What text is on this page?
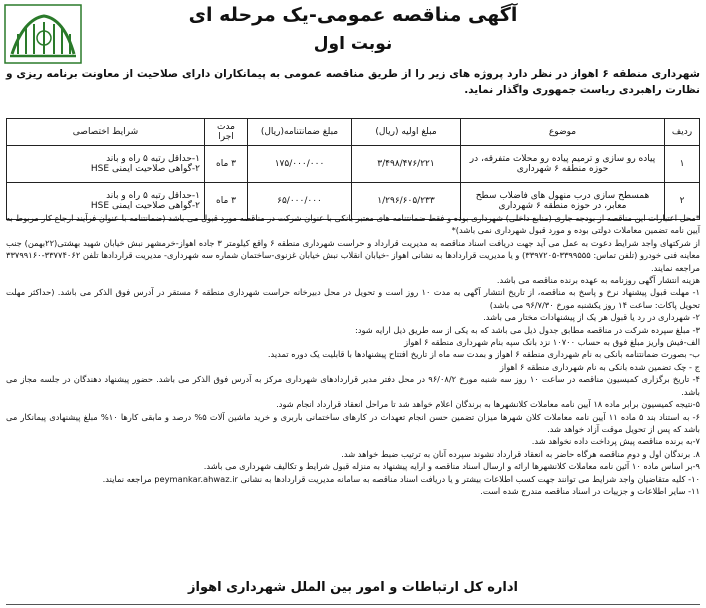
آگهی مناقصه عمومی-یک مرحله ای
نوبت اول
شهرداری منطقه ۶ اهواز در نظر دارد پروژه های زیر را از طریق مناقصه عمومی به پیمانکاران دارای صلاحیت از معاونت برنامه ریزی و نظارت راهبردی ریاست جمهوری واگذار نماید.
ردیف	موضوع	مبلغ اولیه (ریال)	مبلغ ضمانتنامه(ریال)	مدت اجرا	شرایط اختصاصی
۱	پیاده رو سازی و ترمیم پیاده رو محلات متفرقه، در حوزه منطقه ۶ شهرداری	۳/۴۹۸/۴۷۶/۲۲۱	۱۷۵/۰۰۰/۰۰۰	۳ ماه	۱-حداقل رتبه ۵ راه و باند
۲-گواهی صلاحیت ایمنی HSE

۲	همسطح سازی درب منهول های فاضلاب سطح معابر، در حوزه منطقه ۶ شهرداری	۱/۲۹۶/۶۰۵/۲۳۳	۶۵/۰۰۰/۰۰۰	۳ ماه	۱-حداقل رتبه ۵ راه و باند
۲-گواهی صلاحیت ایمنی HSE

*محل اعتبارات این مناقصه از بودجه جاری (منابع داخلی) شهرداری بوده و فقط ضمانتنامه های معتبر بانکی با عنوان شرکت در مناقصه مورد قبول می باشد (ضمانتنامه با عنوان فرآیند ارجاع کار مربوط به آیین نامه تضمین معاملات دولتی بوده و مورد قبول شهرداری نمی باشد)*

از شرکتهای واجد شرایط دعوت به عمل می آید جهت دریافت اسناد مناقصه به مدیریت قرارداد و حراست شهرداری منطقه ۶ واقع کیلومتر ۳ جاده اهواز-خرمشهر نبش خیابان شهید بهشتی(۲۲بهمن) جنب معاینه فنی خودرو (تلفن تماس: ۳۳۹۹۵۵۵-۳۳۹۷۲۰۵) و یا مدیریت قراردادها به نشانی اهواز -خیابان انقلاب نبش خیابان غزنوی-ساختمان شماره سه شهرداری- مدیریت قراردادها تلفن ۳۳۷۷۴۰۶۲-۳۳۷۹۹۱۶۰ مراجعه نمایند.

هزینه انتشار آگهی روزنامه به عهده برنده مناقصه می باشد.

۱- مهلت قبول پیشنهاد نرخ و پاسخ به مناقصه، از تاریخ انتشار آگهی به مدت ۱۰ روز است و تحویل در محل دبیرخانه حراست شهرداری منطقه ۶ مستقر در آدرس فوق الذکر می باشد. (حداکثر مهلت تحویل پاکات: ساعت ۱۴ روز یکشنبه مورخ ۹۶/۷/۳۰ می باشد)

۲- شهرداری در رد یا قبول هر یک از پیشنهادات مختار می باشد.

۳- مبلغ سپرده شرکت در مناقصه مطابق جدول ذیل می باشد که به یکی از سه طریق ذیل ارایه شود:

الف-فیش واریز مبلغ فوق به حساب ۱۰۷۰۰ نزد بانک سپه بنام شهرداری منطقه ۶ اهواز

ب- بصورت ضمانتنامه بانکی به نام شهرداری منطقه ۶ اهواز و بمدت سه ماه از تاریخ افتتاح پیشنهادها با قابلیت یک دوره تمدید.

ج - چک تضمین شده بانکی به نام شهرداری منطقه ۶ اهواز

۴- تاریخ برگزاری کمیسیون مناقصه در ساعت ۱۰ روز سه شنبه مورخ ۹۶/۰۸/۲ در محل دفتر مدیر قراردادهای شهرداری مرکز به آدرس فوق الذکر می باشد. حضور پیشنهاد دهندگان در جلسه مجاز می باشد.

۵-نتیجه کمیسیون برابر ماده ۱۸ آیین نامه معاملات کلانشهرها به برندگان اعلام خواهد شد تا مراحل انعقاد قرارداد انجام شود.

۶- به استناد بند ۵ ماده ۱۱ آیین نامه معاملات کلان شهرها میزان تضمین حسن انجام تعهدات در کارهای ساختمانی باربری و خرید ماشین آلات ۵% درصد و مابقی کارها ۱۰% مبلغ پیشنهادی پیمانکار می باشد که پس از تحویل موقت آزاد خواهد شد.

۷-به برنده مناقصه پیش پرداخت داده نخواهد شد.

۸. برندگان اول و دوم مناقصه هرگاه حاضر به انعقاد قرارداد نشوند سپرده آنان به ترتیب ضبط خواهد شد.

۹-بر اساس ماده ۱۰ آئین نامه معاملات کلانشهرها ارائه و ارسال اسناد مناقصه و ارایه پیشنهاد به منزله قبول شرایط و تکالیف شهرداری می باشد.

۱۰- کلیه متقاضیان واجد شرایط می توانند جهت کسب اطلاعات بیشتر و یا دریافت اسناد مناقصه به سامانه مدیریت قراردادها به نشانی peymankar.ahwaz.ir مراجعه نمایند.

۱۱- سایر اطلاعات و جزییات در اسناد مناقصه مندرج شده است.

اداره کل ارتباطات و امور بین الملل شهرداری اهواز
